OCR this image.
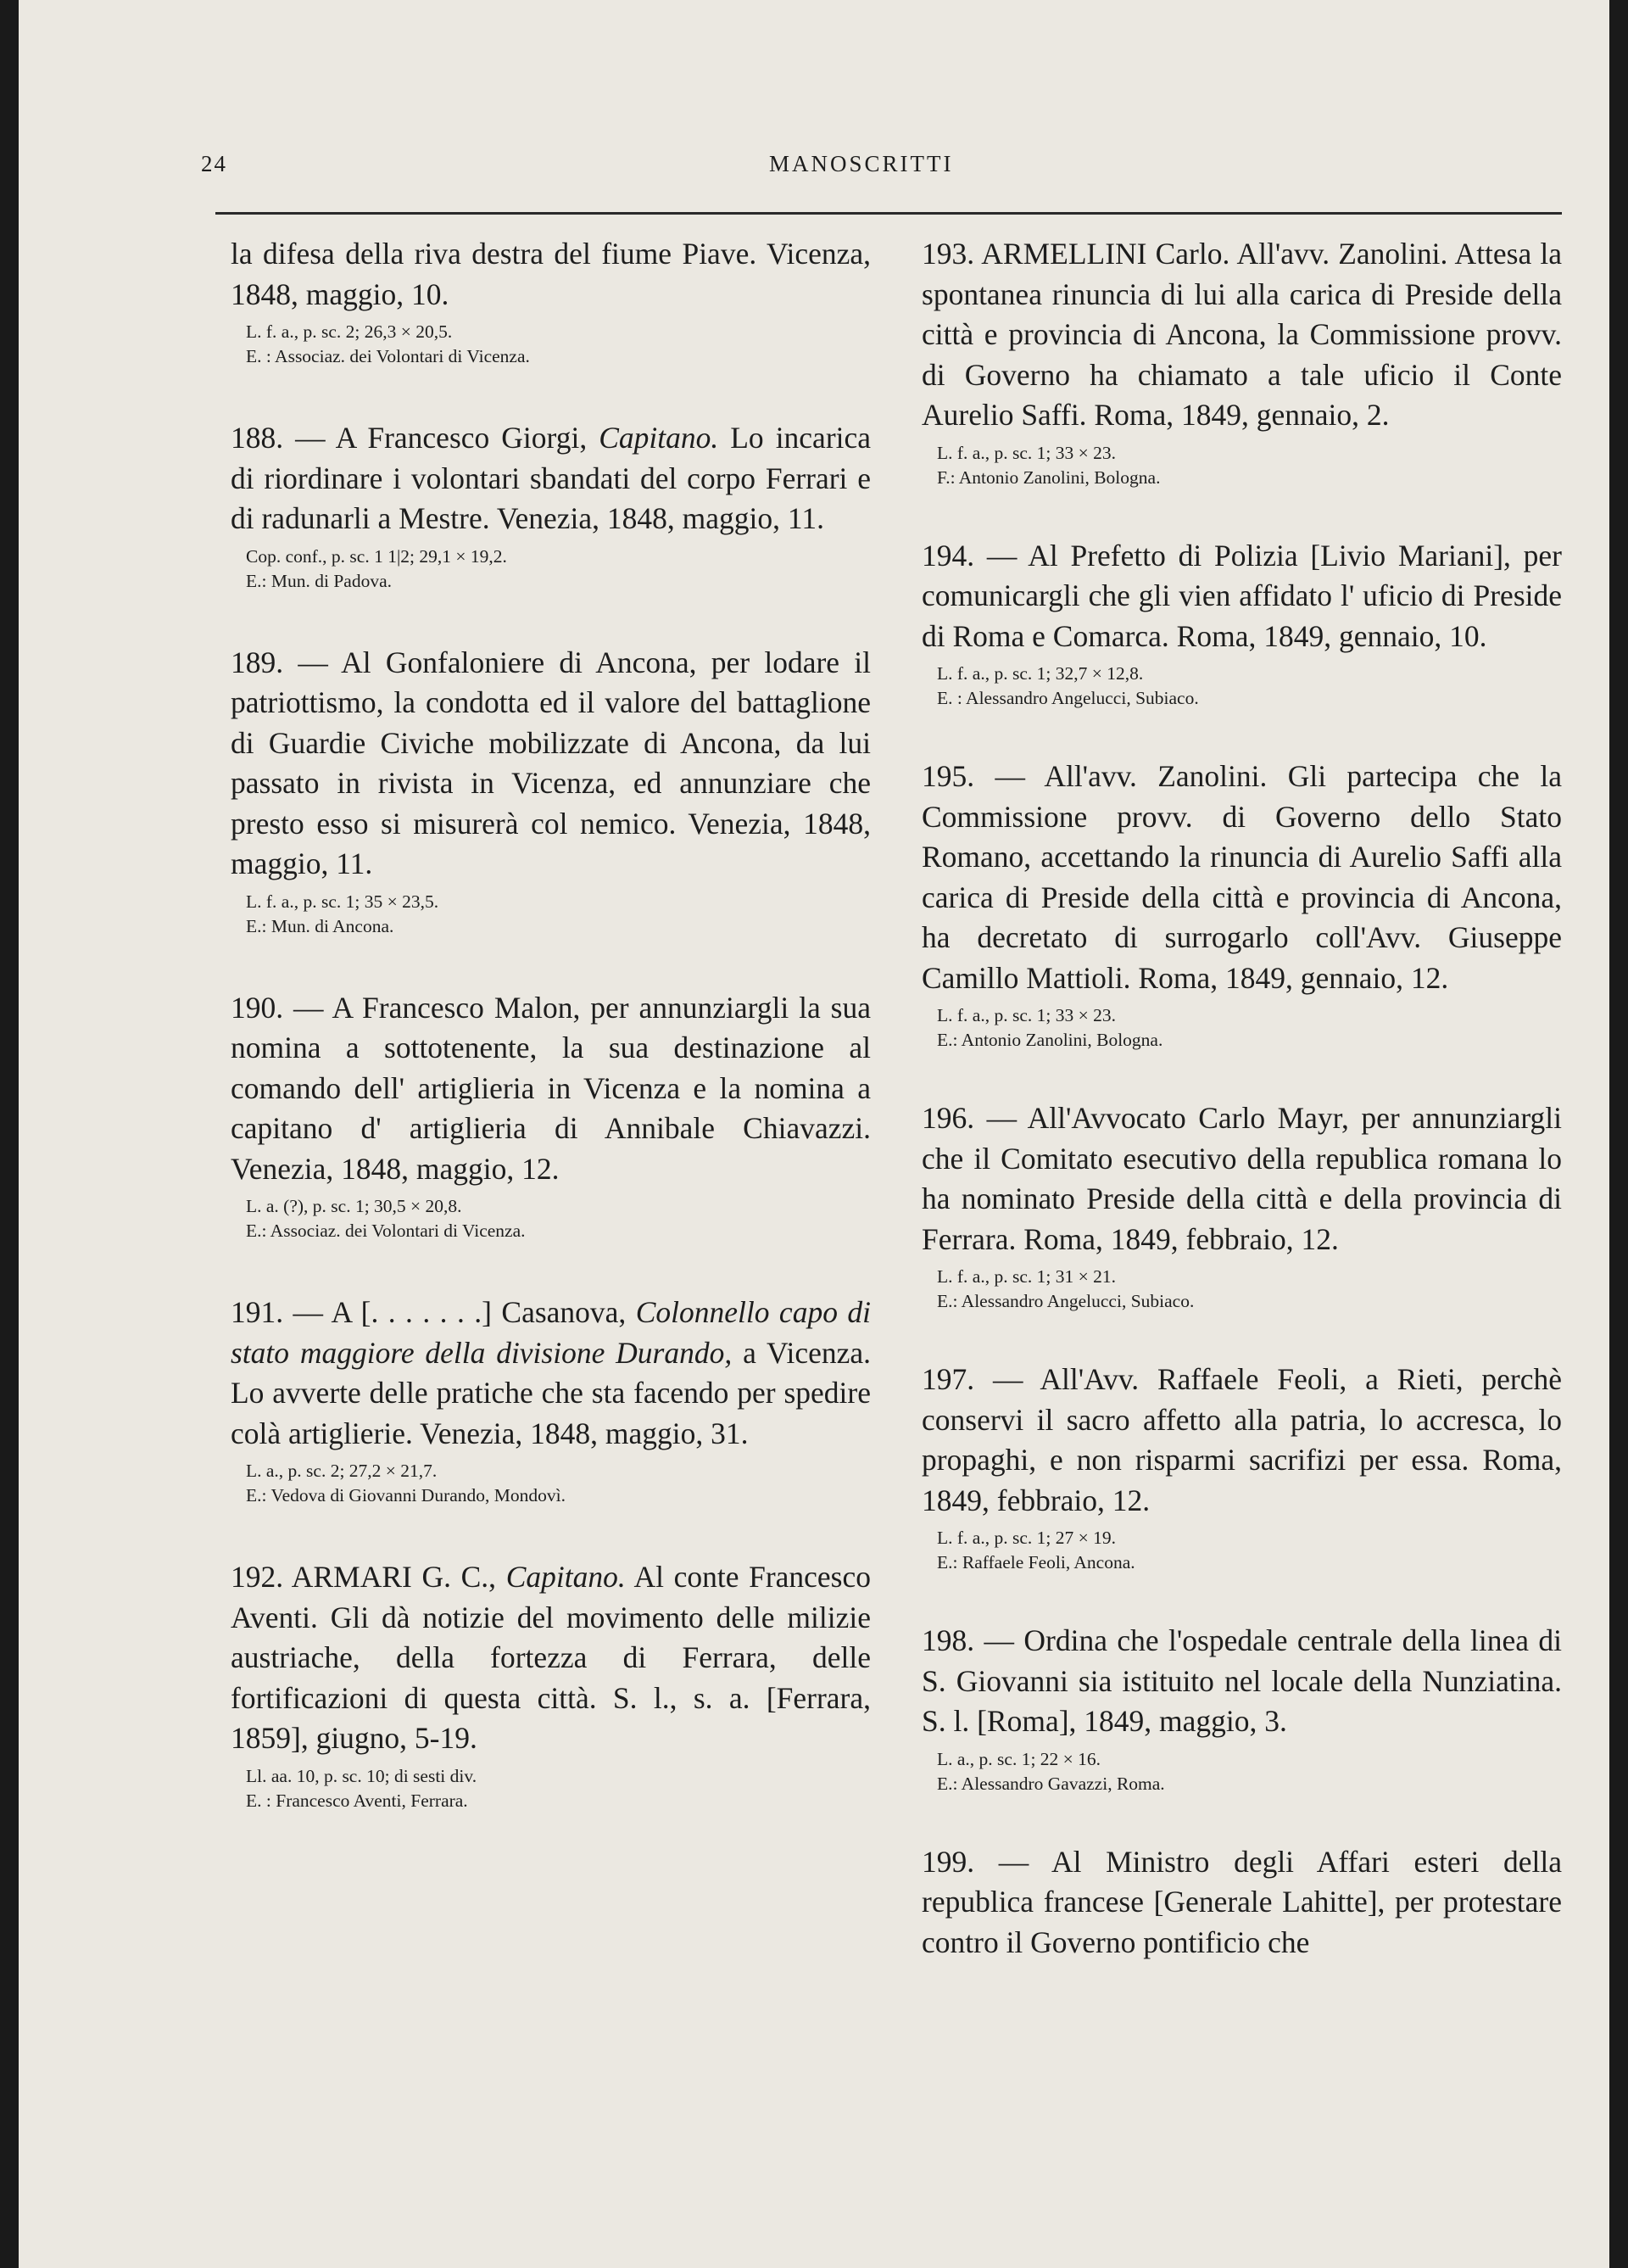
24	MANOSCRITTI

la difesa della riva destra del fiume Piave. Vicenza, 1848, maggio, 10.

L. f. a., p. sc. 2; 26,3 × 20,5.
E. : Associaz. dei Volontari di Vicenza.

188. — A Francesco Giorgi, Capitano. Lo incarica di riordinare i volontari sbandati del corpo Ferrari e di radunarli a Mestre. Venezia, 1848, maggio, 11.

Cop. conf., p. sc. 1 1|2; 29,1 × 19,2.
E.: Mun. di Padova.

189. — Al Gonfaloniere di Ancona, per lodare il patriottismo, la condotta ed il valore del battaglione di Guardie Civiche mobilizzate di Ancona, da lui passato in rivista in Vicenza, ed annunziare che presto esso si misurerà col nemico. Venezia, 1848, maggio, 11.

L. f. a., p. sc. 1; 35 × 23,5.
E.: Mun. di Ancona.

190. — A Francesco Malon, per annunziargli la sua nomina a sottotenente, la sua destinazione al comando dell' artiglieria in Vicenza e la nomina a capitano d' artiglieria di Annibale Chiavazzi. Venezia, 1848, maggio, 12.

L. a. (?), p. sc. 1; 30,5 × 20,8.
E.: Associaz. dei Volontari di Vicenza.

191. — A [. . . . . . .] Casanova, Colonnello capo di stato maggiore della divisione Durando, a Vicenza. Lo avverte delle pratiche che sta facendo per spedire colà artiglierie. Venezia, 1848, maggio, 31.

L. a., p. sc. 2; 27,2 × 21,7.
E.: Vedova di Giovanni Durando, Mondovì.

192. ARMARI G. C., Capitano. Al conte Francesco Aventi. Gli dà notizie del movimento delle milizie austriache, della fortezza di Ferrara, delle fortificazioni di questa città. S. l., s. a. [Ferrara, 1859], giugno, 5-19.

Ll. aa. 10, p. sc. 10; di sesti div.
E. : Francesco Aventi, Ferrara.

193. ARMELLINI Carlo. All'avv. Zanolini. Attesa la spontanea rinuncia di lui alla carica di Preside della città e provincia di Ancona, la Commissione provv. di Governo ha chiamato a tale uficio il Conte Aurelio Saffi. Roma, 1849, gennaio, 2.

L. f. a., p. sc. 1; 33 × 23.
F.: Antonio Zanolini, Bologna.

194. — Al Prefetto di Polizia [Livio Mariani], per comunicargli che gli vien affidato l' uficio di Preside di Roma e Comarca. Roma, 1849, gennaio, 10.

L. f. a., p. sc. 1; 32,7 × 12,8.
E. : Alessandro Angelucci, Subiaco.

195. — All'avv. Zanolini. Gli partecipa che la Commissione provv. di Governo dello Stato Romano, accettando la rinuncia di Aurelio Saffi alla carica di Preside della città e provincia di Ancona, ha decretato di surrogarlo coll'Avv. Giuseppe Camillo Mattioli. Roma, 1849, gennaio, 12.

L. f. a., p. sc. 1; 33 × 23.
E.: Antonio Zanolini, Bologna.

196. — All'Avvocato Carlo Mayr, per annunziargli che il Comitato esecutivo della republica romana lo ha nominato Preside della città e della provincia di Ferrara. Roma, 1849, febbraio, 12.

L. f. a., p. sc. 1; 31 × 21.
E.: Alessandro Angelucci, Subiaco.

197. — All'Avv. Raffaele Feoli, a Rieti, perchè conservi il sacro affetto alla patria, lo accresca, lo propaghi, e non risparmi sacrifizi per essa. Roma, 1849, febbraio, 12.

L. f. a., p. sc. 1; 27 × 19.
E.: Raffaele Feoli, Ancona.

198. — Ordina che l'ospedale centrale della linea di S. Giovanni sia istituito nel locale della Nunziatina. S. l. [Roma], 1849, maggio, 3.

L. a., p. sc. 1; 22 × 16.
E.: Alessandro Gavazzi, Roma.

199. — Al Ministro degli Affari esteri della republica francese [Generale Lahitte], per protestare contro il Governo pontificio che
